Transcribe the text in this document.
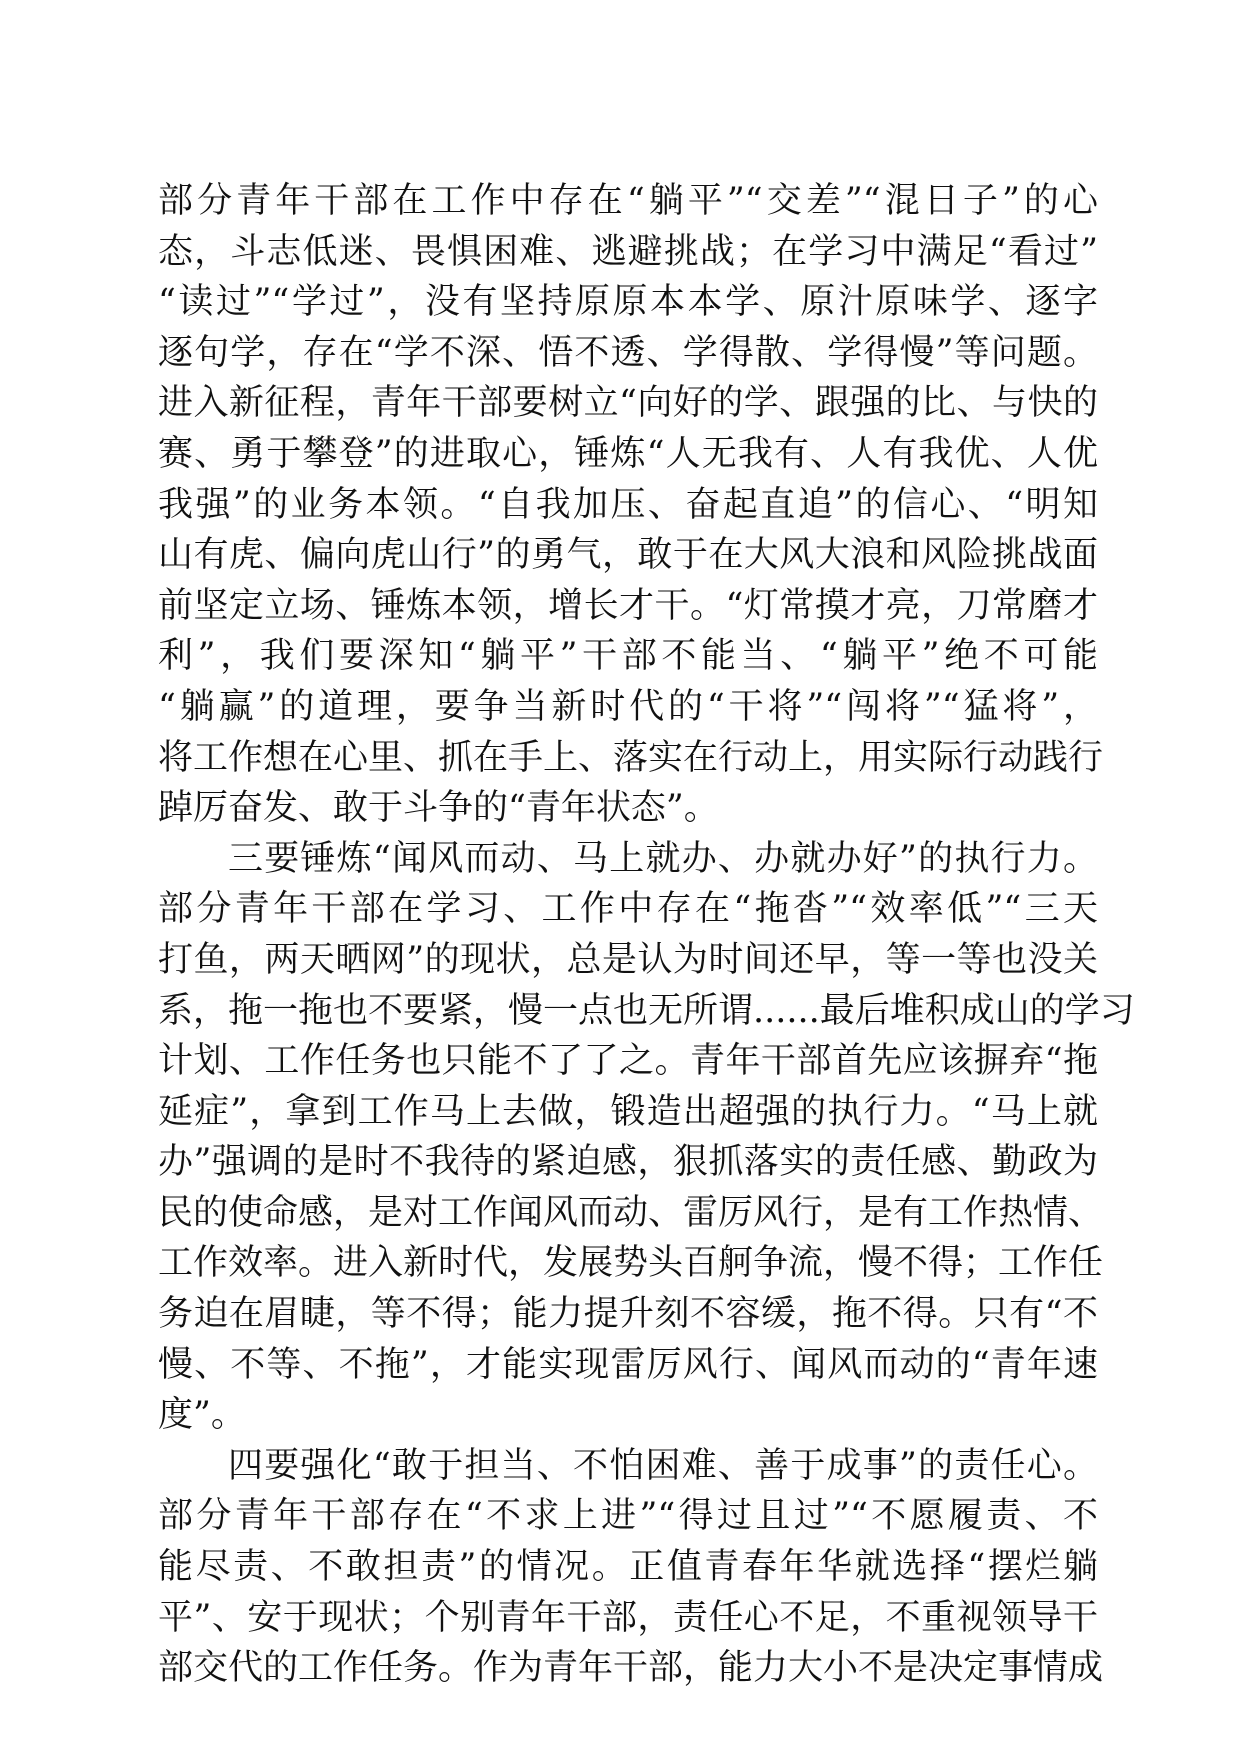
部分青年干部在工作中存在“躺平”“交差”“混日子”的心
态，斗志低迷、畏惧困难、逃避挑战；在学习中满足“看过”
“读过”“学过”，没有坚持原原本本学、原汁原味学、逐字
逐句学，存在“学不深、悟不透、学得散、学得慢”等问题。
进入新征程，青年干部要树立“向好的学、跟强的比、与快的
赛、勇于攀登”的进取心，锤炼“人无我有、人有我优、人优
我强”的业务本领。“自我加压、奋起直追”的信心、“明知
山有虎、偏向虎山行”的勇气，敢于在大风大浪和风险挑战面
前坚定立场、锤炼本领，增长才干。“灯常摸才亮，刀常磨才
利”，我们要深知“躺平”干部不能当、“躺平”绝不可能
“躺赢”的道理，要争当新时代的“干将”“闯将”“猛将”，
将工作想在心里、抓在手上、落实在行动上，用实际行动践行
踔厉奋发、敢于斗争的“青年状态”。
三要锤炼“闻风而动、马上就办、办就办好”的执行力。
部分青年干部在学习、工作中存在“拖沓”“效率低”“三天
打鱼，两天晒网”的现状，总是认为时间还早，等一等也没关
系，拖一拖也不要紧，慢一点也无所谓......最后堆积成山的学习
计划、工作任务也只能不了了之。青年干部首先应该摒弃“拖
延症”，拿到工作马上去做，锻造出超强的执行力。“马上就
办”强调的是时不我待的紧迫感，狠抓落实的责任感、勤政为
民的使命感，是对工作闻风而动、雷厉风行，是有工作热情、
工作效率。进入新时代，发展势头百舸争流，慢不得；工作任
务迫在眉睫，等不得；能力提升刻不容缓，拖不得。只有“不
慢、不等、不拖”，才能实现雷厉风行、闻风而动的“青年速
度”。
四要强化“敢于担当、不怕困难、善于成事”的责任心。
部分青年干部存在“不求上进”“得过且过”“不愿履责、不
能尽责、不敢担责”的情况。正值青春年华就选择“摆烂躺
平”、安于现状；个别青年干部，责任心不足，不重视领导干
部交代的工作任务。作为青年干部，能力大小不是决定事情成
